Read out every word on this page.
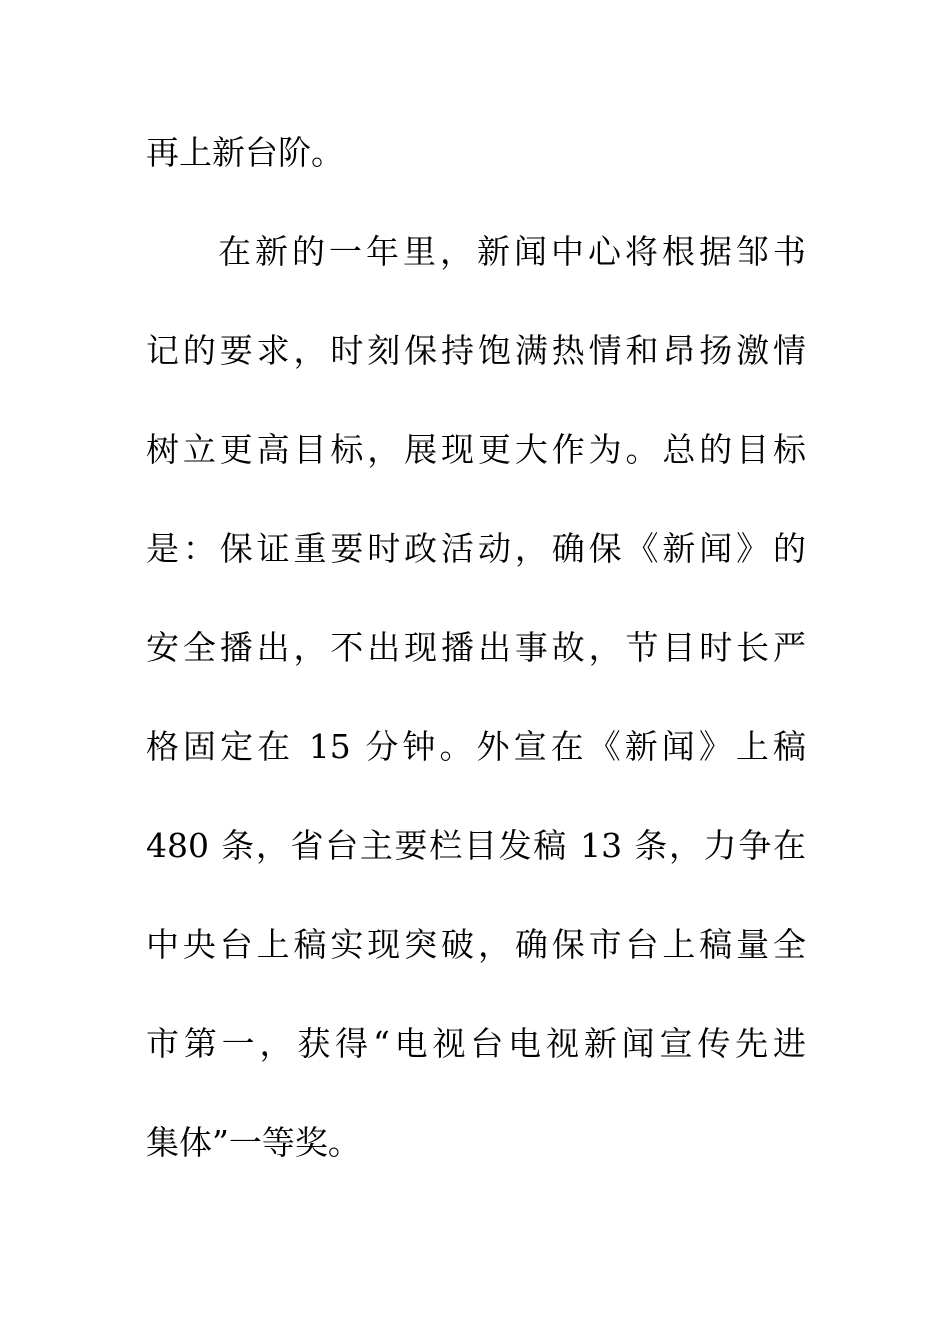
再上新台阶。
在新的一年里，新闻中心将根据邹书
记的要求，时刻保持饱满热情和昂扬激情
树立更高目标，展现更大作为。总的目标
是：保证重要时政活动，确保《新闻》的
安全播出，不出现播出事故，节目时长严
格固定在 15 分钟。外宣在《新闻》上稿
480 条，省台主要栏目发稿 13 条，力争在
中央台上稿实现突破，确保市台上稿量全
市第一，获得“电视台电视新闻宣传先进
集体”一等奖。
